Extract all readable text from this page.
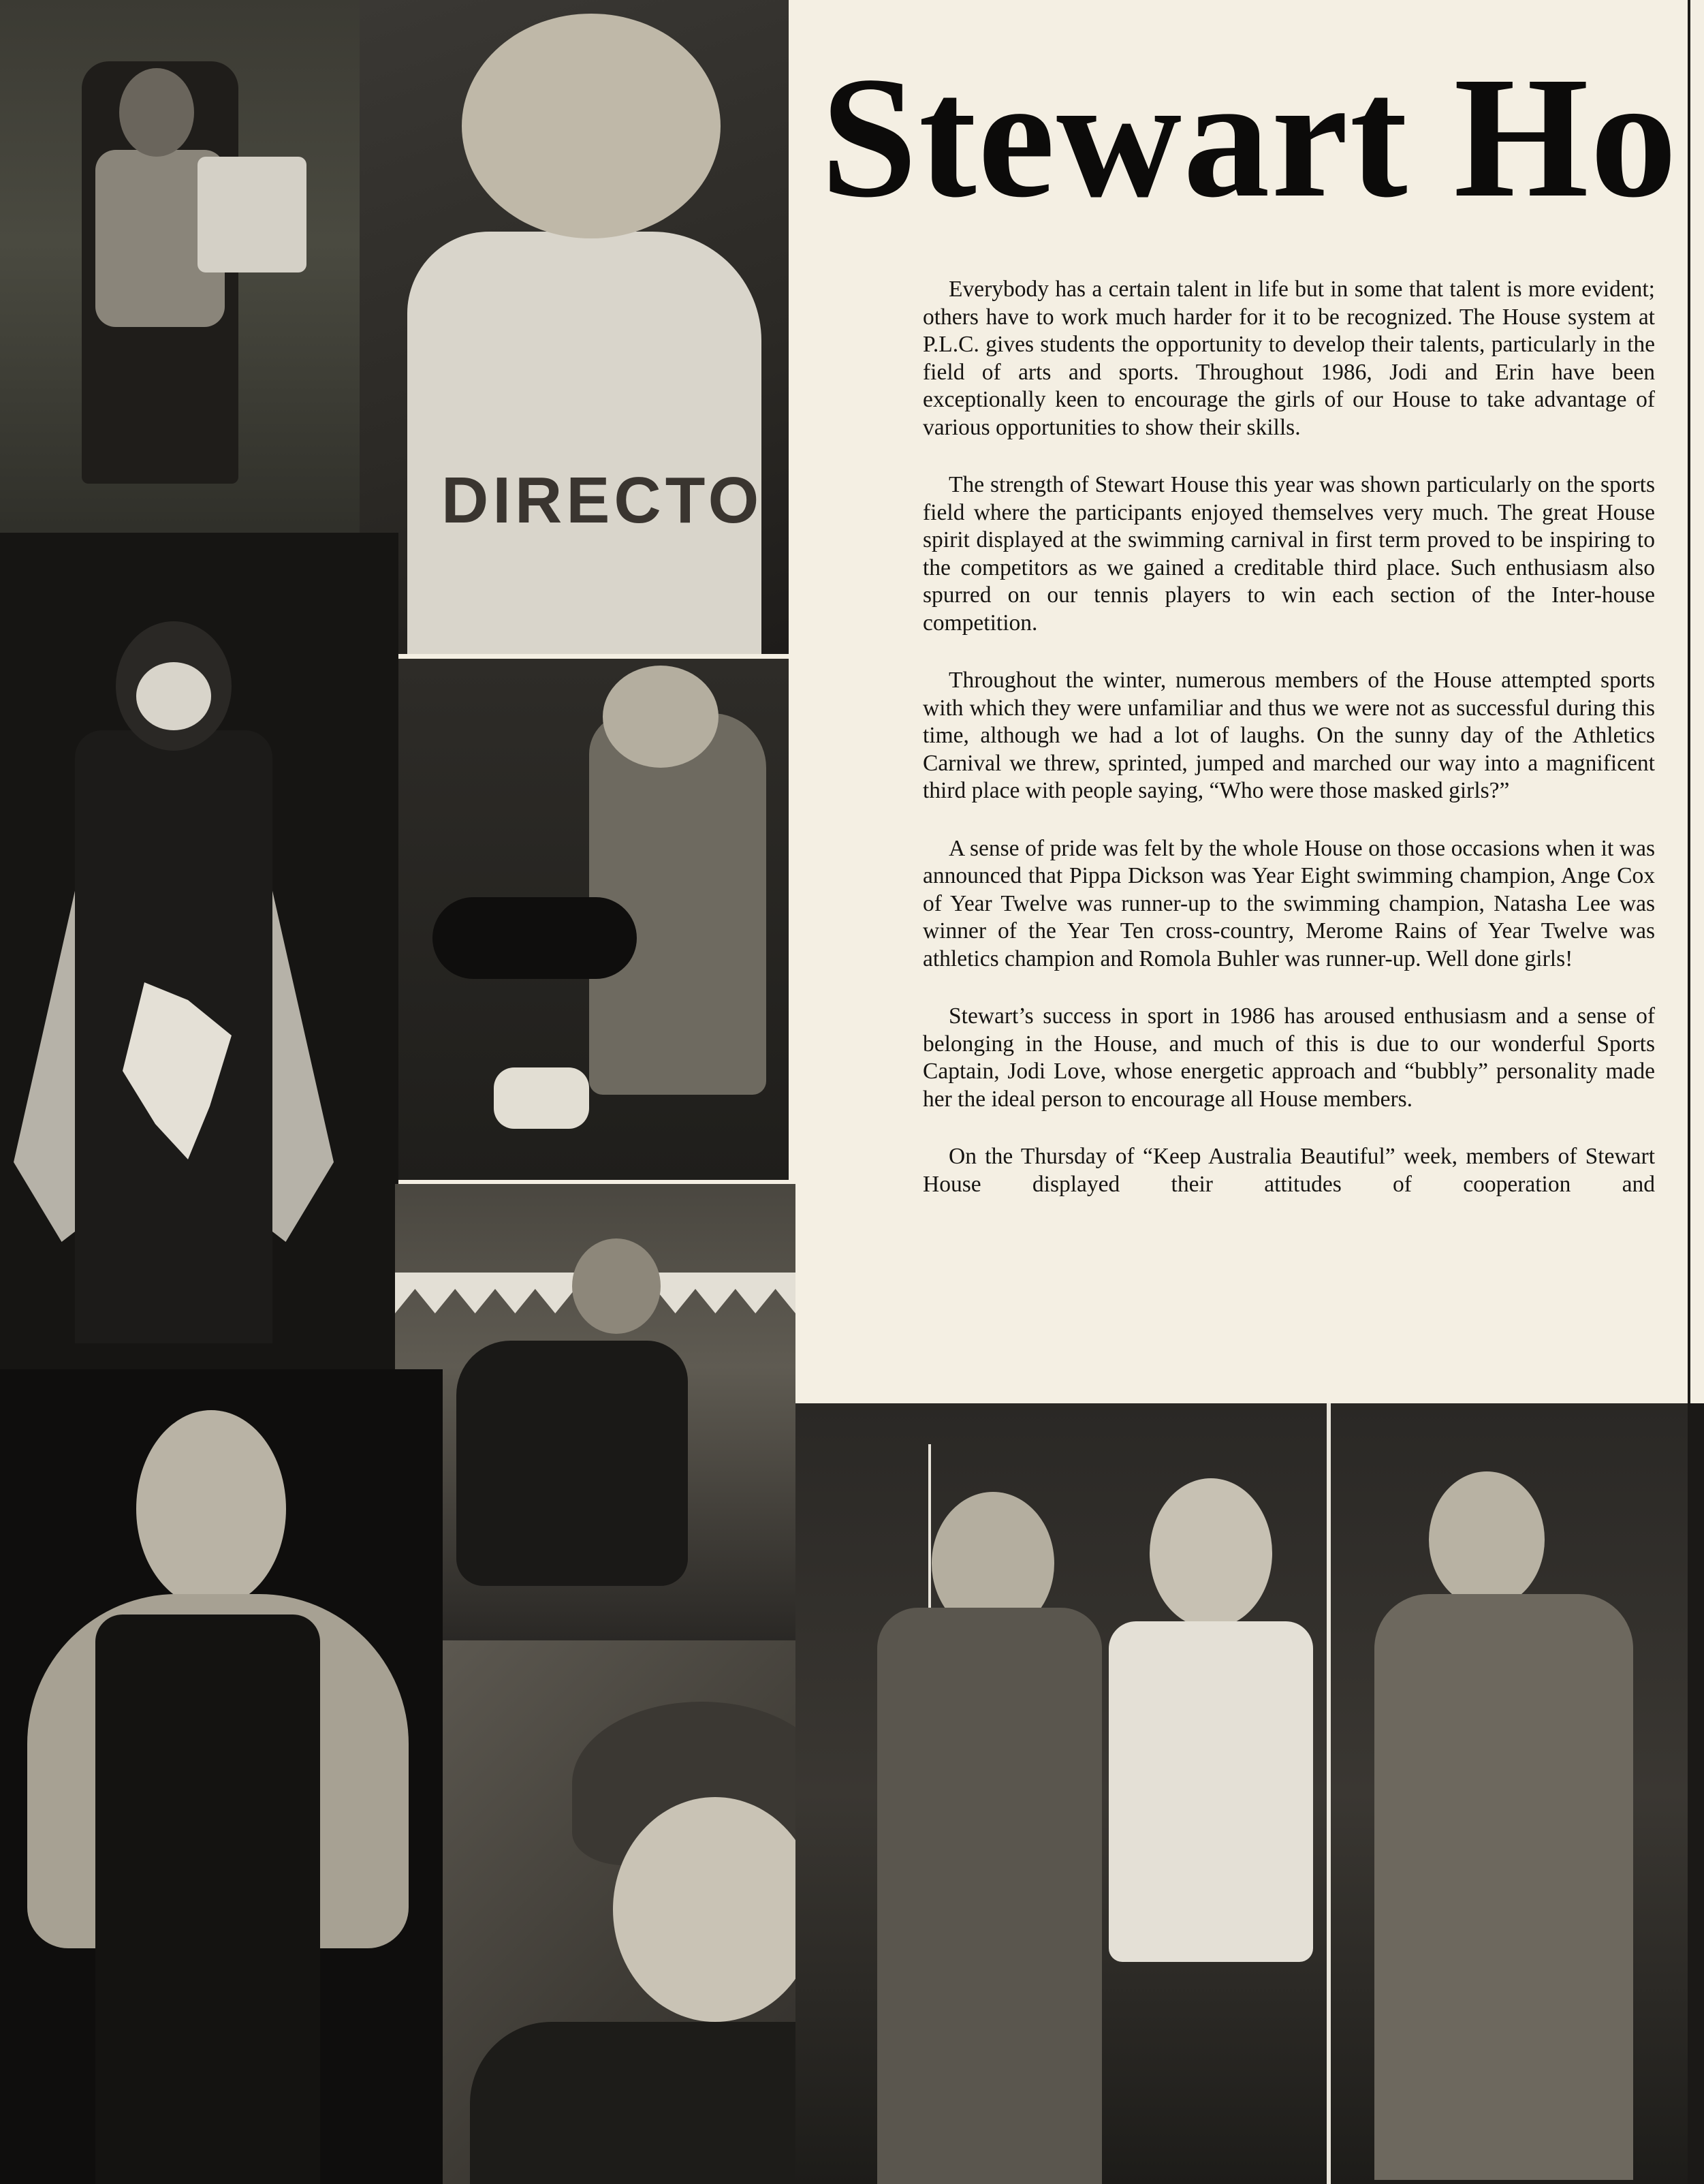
DIRECTO
Stewart Ho

Everybody has a certain talent in life but in some that talent is more evident; others have to work much harder for it to be recognized. The House system at P.L.C. gives students the opportunity to develop their talents, particularly in the field of arts and sports. Throughout 1986, Jodi and Erin have been exceptionally keen to encourage the girls of our House to take advantage of various opportunities to show their skills.

The strength of Stewart House this year was shown particularly on the sports field where the participants enjoyed themselves very much. The great House spirit displayed at the swimming carnival in first term proved to be inspiring to the competitors as we gained a creditable third place. Such enthusiasm also spurred on our tennis players to win each section of the Inter-house competition.

Throughout the winter, numerous members of the House attempted sports with which they were unfamiliar and thus we were not as successful during this time, although we had a lot of laughs. On the sunny day of the Athletics Carnival we threw, sprinted, jumped and marched our way into a magnificent third place with people saying, “Who were those masked girls?”

A sense of pride was felt by the whole House on those occasions when it was announced that Pippa Dickson was Year Eight swimming champion, Ange Cox of Year Twelve was runner-up to the swimming champion, Natasha Lee was winner of the Year Ten cross-country, Merome Rains of Year Twelve was athletics champion and Romola Buhler was runner-up. Well done girls!

Stewart’s success in sport in 1986 has aroused enthusiasm and a sense of belonging in the House, and much of this is due to our wonderful Sports Captain, Jodi Love, whose energetic approach and “bubbly” personality made her the ideal person to encourage all House members.

On the Thursday of “Keep Australia Beautiful” week, members of Stewart House displayed their attitudes of cooperation and
